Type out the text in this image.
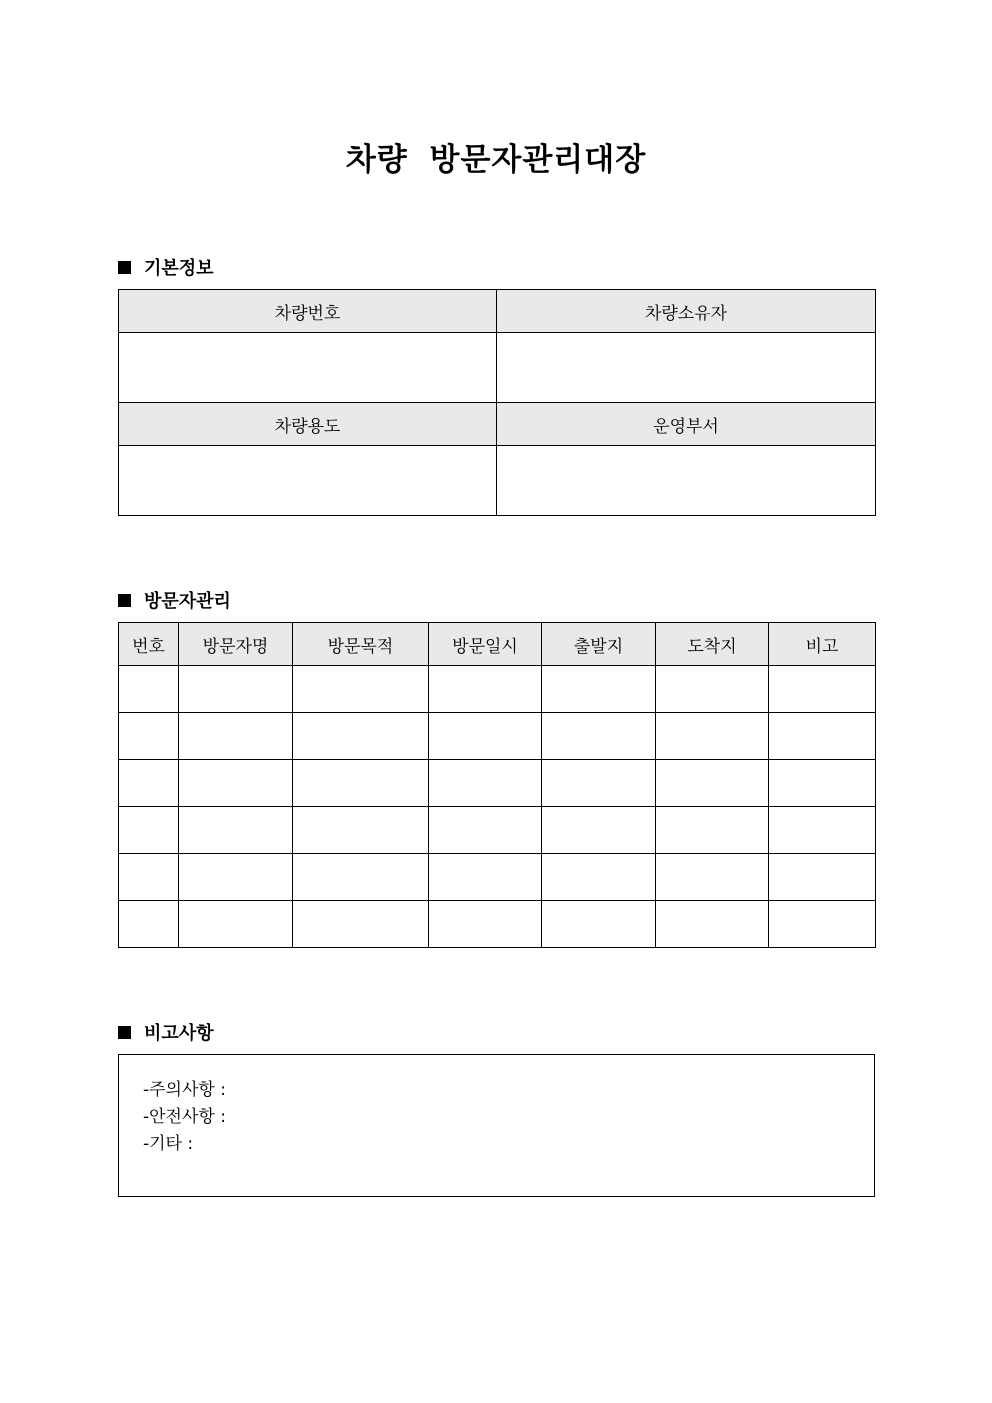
차량 방문자관리대장
기본정보
차량번호	차량소유자

차량용도	운영부서

방문자관리
번호	방문자명	방문목적	방문일시	출발지	도착지	비고

비고사항
-주의사항 :
-안전사항 :
-기타 :
